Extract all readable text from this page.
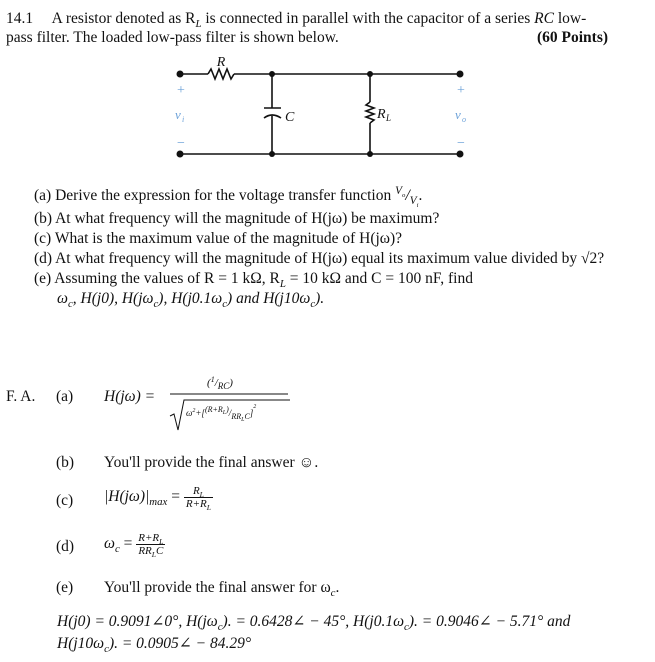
14.1 A resistor denoted as $R_L$ is connected in parallel with the capacitor of a series RC low-
pass filter. The loaded low-pass filter is shown below.	(60 Points)
R
C	R L
+
v i
−
+
v o
−
(a) Derive the expression for the voltage transfer function $^{V_o}/_{V_i}$.
(b) At what frequency will the magnitude of H(jω) be maximum?
(c) What is the maximum value of the magnitude of H(jω)?
(d) At what frequency will the magnitude of H(jω) equal its maximum value divided by √2?
(e) Assuming the values of R = 1 kΩ, $R_L = 10$ kΩ and C = 100 nF, find
$\omega_c$, H(j0), $H(j\omega_c)$, $H(j0.1\omega_c)$ and $H(j10\omega_c)$.
F. A. (a) H(jω) =
$(^1/_{RC})$
$\omega^2+[(R+R_L)/RR_LC]^2$
(b) You'll provide the final answer ☺.
(c) $|H(j\omega)|_{max} = \frac{R_L}{R+R_L}$
(d) $\omega_c = \frac{R+R_L}{RR_LC}$
(e) You'll provide the final answer for $\omega_c$.
H(j0) = 0.9091∠0°, $H(j\omega_c)$. = 0.6428∠ − 45°, $H(j0.1\omega_c)$. = 0.9046∠ − 5.71° and
$H(j10\omega_c)$. = 0.0905∠ − 84.29°
